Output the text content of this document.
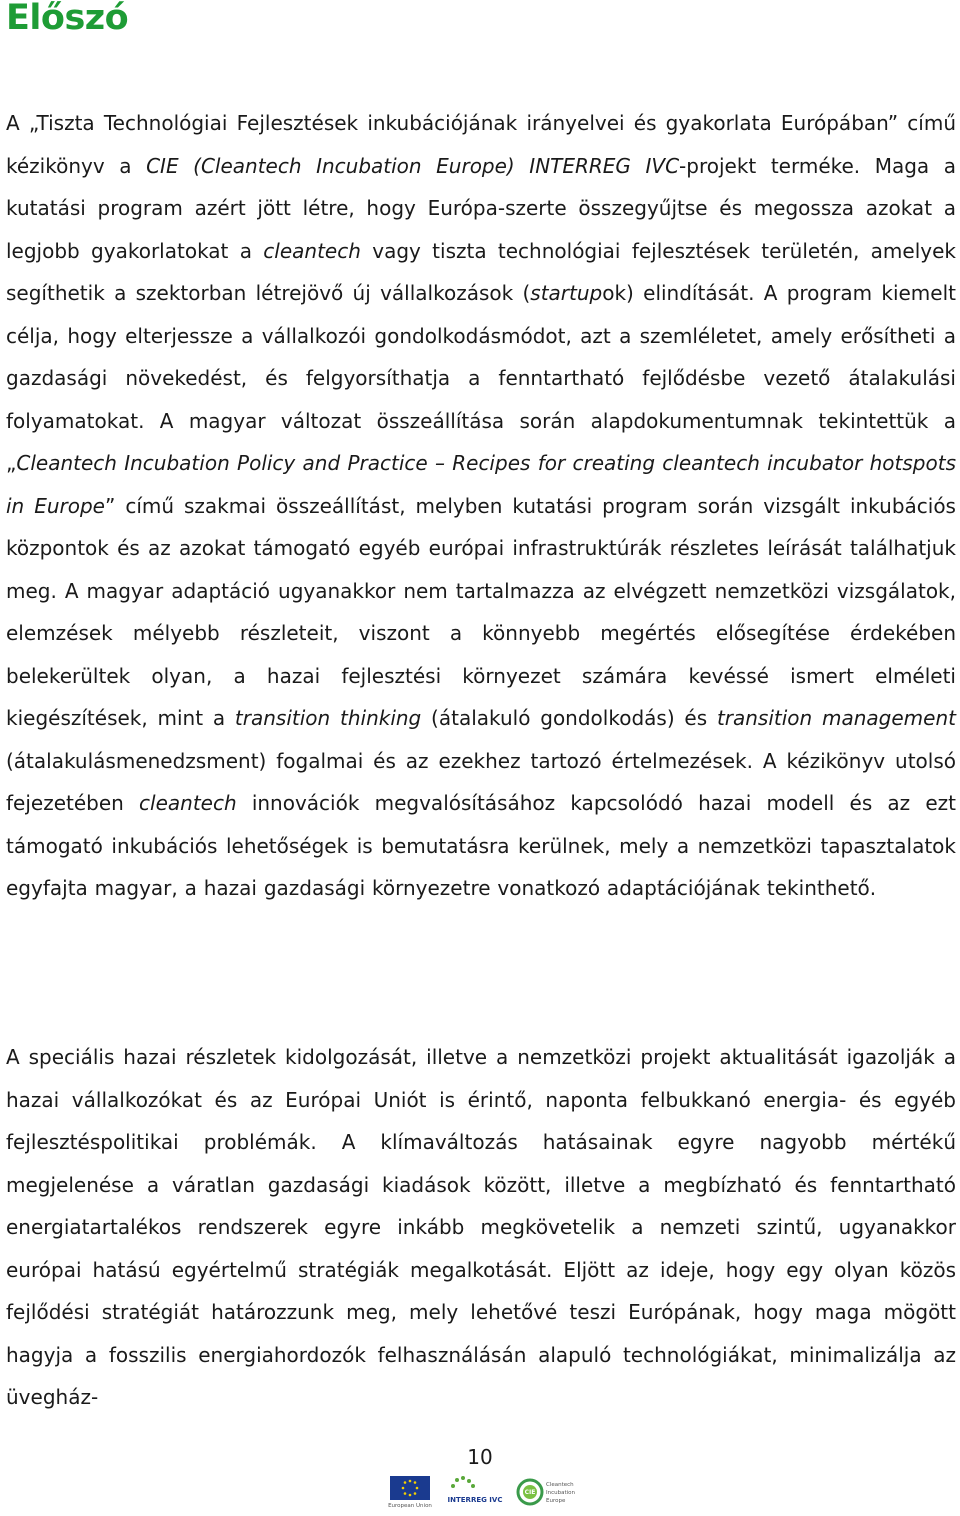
Előszó

A „Tiszta Technológiai Fejlesztések inkubációjának irányelvei és gyakorlata Európában” című kézikönyv a CIE (Cleantech Incubation Europe) INTERREG IVC-projekt terméke. Maga a kutatási program azért jött létre, hogy Európa-szerte összegyűjtse és megossza azokat a legjobb gyakorlatokat a cleantech vagy tiszta technológiai fejlesztések területén, amelyek segíthetik a szektorban létrejövő új vállalkozások (startupok) elindítását. A program kiemelt célja, hogy elterjessze a vállalkozói gondolkodásmódot, azt a szemléletet, amely erősítheti a gazdasági növekedést, és felgyorsíthatja a fenntartható fejlődésbe vezető átalakulási folyamatokat. A magyar változat összeállítása során alapdokumentumnak tekintettük a „Cleantech Incubation Policy and Practice – Recipes for creating cleantech incubator hotspots in Europe” című szakmai összeállítást, melyben kutatási program során vizsgált inkubációs központok és az azokat támogató egyéb európai infrastruktúrák részletes leírását találhatjuk meg. A magyar adaptáció ugyanakkor nem tartalmazza az elvégzett nemzetközi vizsgálatok, elemzések mélyebb részleteit, viszont a könnyebb megértés elősegítése érdekében belekerültek olyan, a hazai fejlesztési környezet számára kevéssé ismert elméleti kiegészítések, mint a transition thinking (átalakuló gondolkodás) és transition management (átalakulásmenedzsment) fogalmai és az ezekhez tartozó értelmezések. A kézikönyv utolsó fejezetében cleantech innovációk megvalósításához kapcsolódó hazai modell és az ezt támogató inkubációs lehetőségek is bemutatásra kerülnek, mely a nemzetközi tapasztalatok egyfajta magyar, a hazai gazdasági környezetre vonatkozó adaptációjának tekinthető.

A speciális hazai részletek kidolgozását, illetve a nemzetközi projekt aktualitását igazolják a hazai vállalkozókat és az Európai Uniót is érintő, naponta felbukkanó energia- és egyéb fejlesztéspolitikai problémák. A klímaváltozás hatásainak egyre nagyobb mértékű megjelenése a váratlan gazdasági kiadások között, illetve a megbízható és fenntartható energiatartalékos rendszerek egyre inkább megkövetelik a nemzeti szintű, ugyanakkor európai hatású egyértelmű stratégiák megalkotását. Eljött az ideje, hogy egy olyan közös fejlődési stratégiát határozzunk meg, mely lehetővé teszi Európának, hogy maga mögött hagyja a fosszilis energiahordozók felhasználásán alapuló technológiákat, minimalizálja az üvegház-

10
European Union
INTERREG IVC
CIE
Cleantech
Incubation
Europe
